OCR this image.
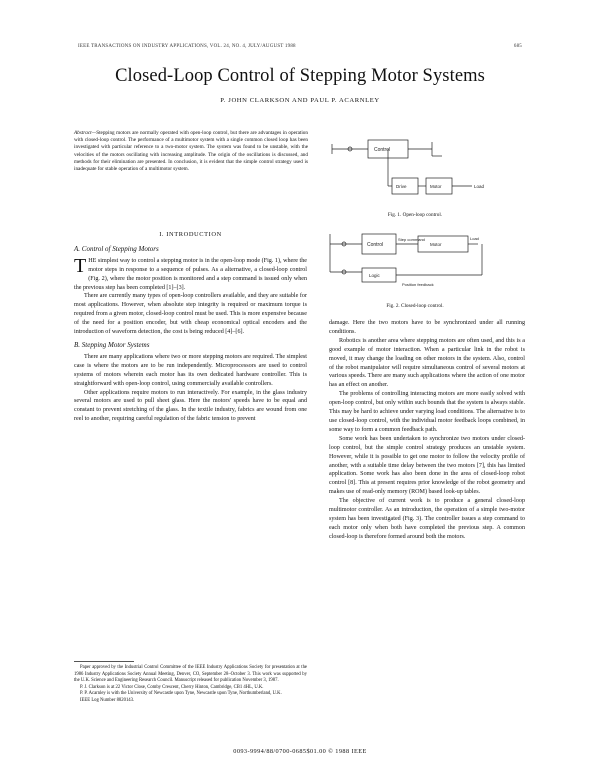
IEEE TRANSACTIONS ON INDUSTRY APPLICATIONS, VOL. 24, NO. 4, JULY/AUGUST 1988	685
Closed-Loop Control of Stepping Motor Systems
P. JOHN CLARKSON AND PAUL P. ACARNLEY
Abstract—Stepping motors are normally operated with open-loop control, but there are advantages in operation with closed-loop control. The performance of a multimotor system with a single common closed loop has been investigated with particular reference to a two-motor system. The system was found to be unstable, with the velocities of the motors oscillating with increasing amplitude. The origin of the oscillations is discussed, and methods for their elimination are presented. In conclusion, it is evident that the simple control strategy used is inadequate for stable operation of a multimotor system.
I. INTRODUCTION
A. Control of Stepping Motors

THE simplest way to control a stepping motor is in the open-loop mode (Fig. 1), where the motor steps in response to a sequence of pulses. As a alternative, a closed-loop control (Fig. 2), where the motor position is monitored and a step command is issued only when the previous step has been completed [1]–[3].

There are currently many types of open-loop controllers available, and they are suitable for most applications. However, when absolute step integrity is required or maximum torque is required from a given motor, closed-loop control must be used. This is more expensive because of the need for a position encoder, but with cheap economical optical encoders and the introduction of waveform detection, the cost is being reduced [4]–[6].

B. Stepping Motor Systems

There are many applications where two or more stepping motors are required. The simplest case is where the motors are to be run independently. Microprocessors are used to control systems of motors wherein each motor has its own dedicated hardware controller. This is straightforward with open-loop control, using commercially available controllers.

Other applications require motors to run interactively. For example, in the glass industry several motors are used to pull sheet glass. Here the motors' speeds have to be equal and constant to prevent stretching of the glass. In the textile industry, fabrics are wound from one reel to another, requiring careful regulation of the fabric tension to prevent

Paper approved by the Industrial Control Committee of the IEEE Industry Applications Society for presentation at the 1986 Industry Applications Society Annual Meeting, Denver, CO, September 28–October 3. This work was supported by the U.K. Science and Engineering Research Council. Manuscript released for publication November 3, 1987.

P. J. Clarkson is at 22 Victor Close, Comby Crescent, Cherry Hinton, Cambridge, CB1 4HL, U.K.

P. P. Acarnley is with the University of Newcastle upon Tyne, Newcastle upon Tyne, Northumberland, U.K.

IEEE Log Number 8820143.

Control
Drive	Motor	Load
Fig. 1. Open-loop control.
Control
Logic
Motor
Load
Position feedback
Step command
Fig. 2. Closed-loop control.

damage. Here the two motors have to be synchronized under all running conditions.

Robotics is another area where stepping motors are often used, and this is a good example of motor interaction. When a particular link in the robot is moved, it may change the loading on other motors in the system. Also, control of the robot manipulator will require simultaneous control of several motors at various speeds. There are many such applications where the action of one motor has an effect on another.

The problems of controlling interacting motors are more easily solved with open-loop control, but only within such bounds that the system is always stable. This may be hard to achieve under varying load conditions. The alternative is to use closed-loop control, with the individual motor feedback loops combined, in some way to form a common feedback path.

Some work has been undertaken to synchronize two motors under closed-loop control, but the simple control strategy produces an unstable system. However, while it is possible to get one motor to follow the velocity profile of another, with a suitable time delay between the two motors [7], this has limited application. Some work has also been done in the area of closed-loop robot control [8]. This at present requires prior knowledge of the robot geometry and makes use of read-only memory (ROM) based look-up tables.

The objective of current work is to produce a general closed-loop multimotor controller. As an introduction, the operation of a simple two-motor system has been investigated (Fig. 3). The controller issues a step command to each motor only when both have completed the previous step. A common closed-loop is therefore formed around both the motors.

0093-9994/88/0700-0685$01.00 © 1988 IEEE
